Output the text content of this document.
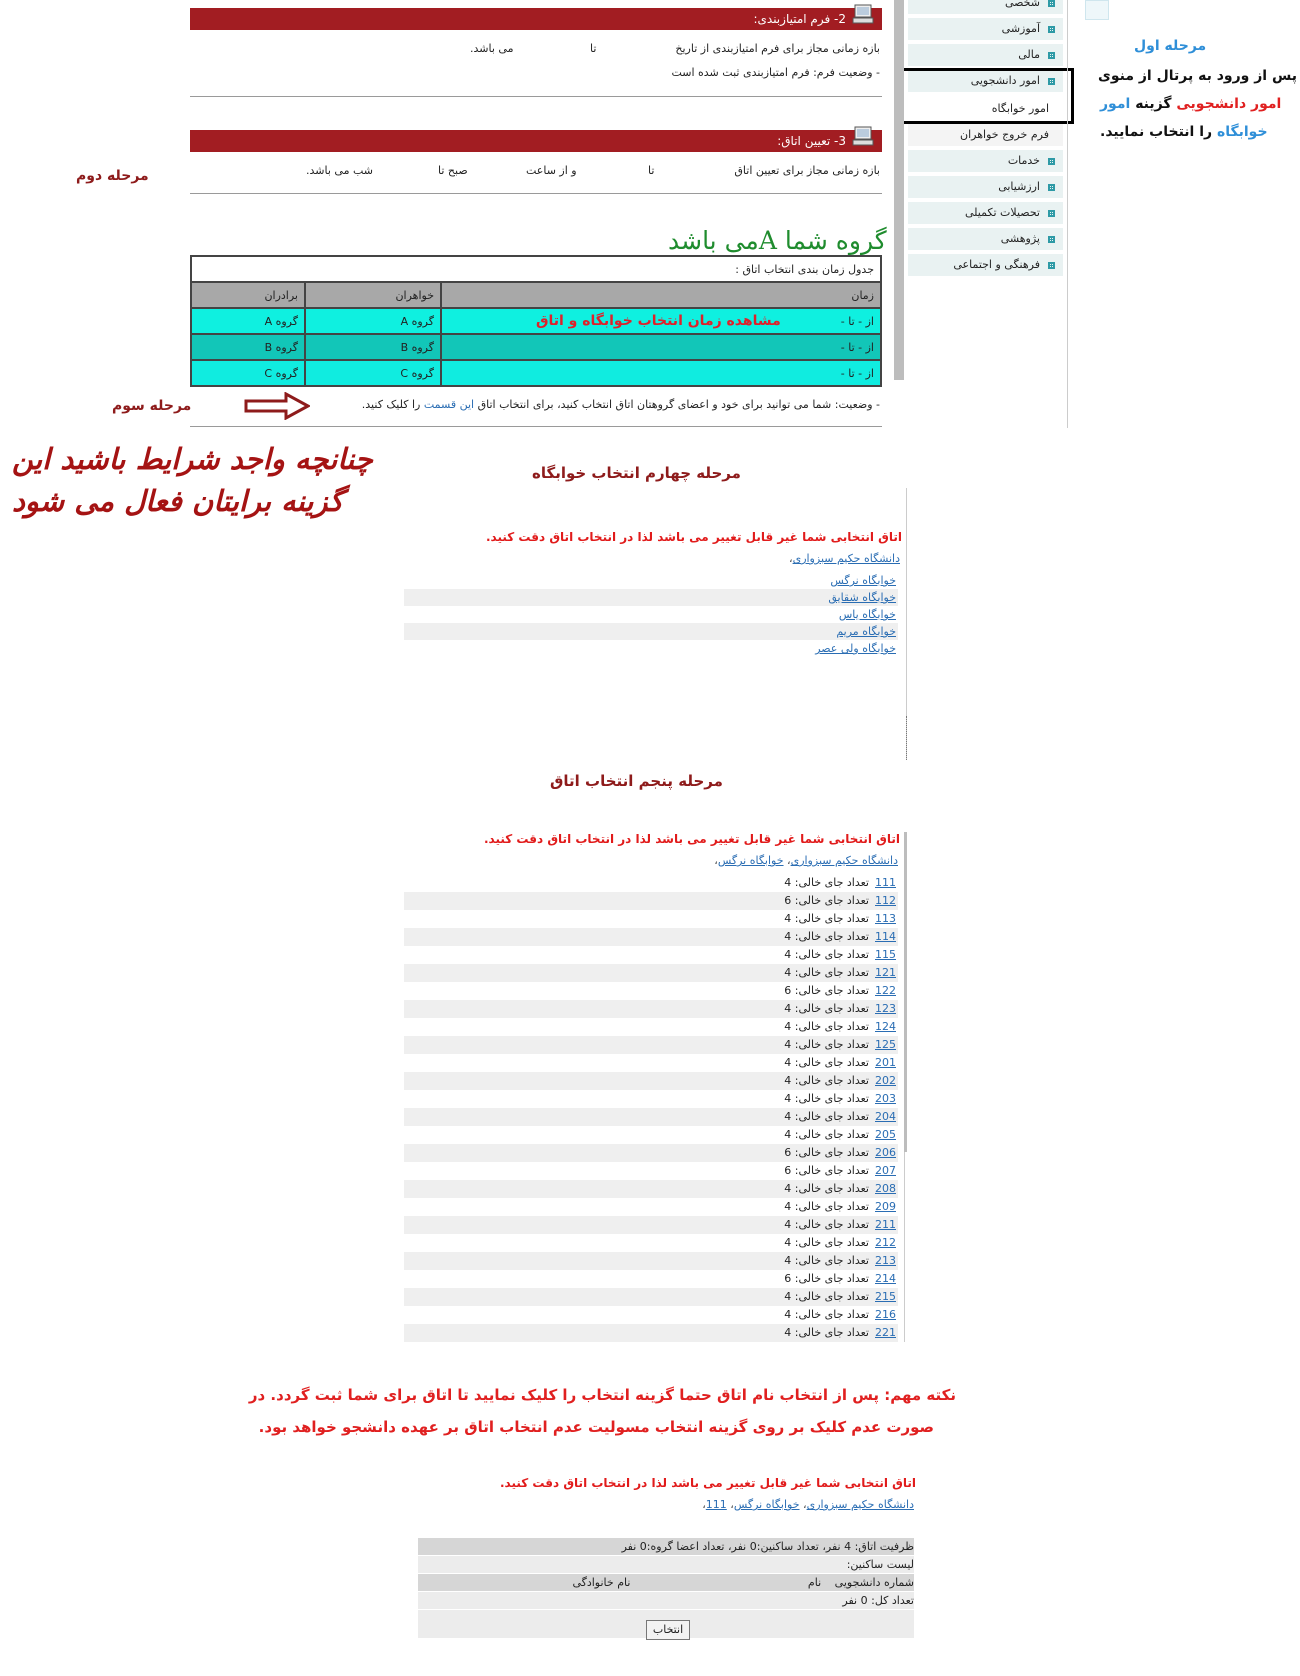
شخصی
آموزشی
مالی
امور دانشجویی
امور خوابگاه
فرم خروج خواهران
خدمات
ارزشیابی
تحصیلات تکمیلی
پژوهشی
فرهنگی و اجتماعی
مرحله اول
پس از ورود به پرتال از منوی
امور دانشجویی گزینه امور
خوابگاه را انتخاب نمایید.
2- فرم امتیازبندی:
بازه زمانی مجاز برای فرم امتیازبندی از تاریخ
تا
می باشد.
- وضعیت فرم: فرم امتیازبندی ثبت شده است
3- تعیین اتاق:
بازه زمانی مجاز برای تعیین اتاق
تا
و از ساعت
صبح تا
شب می باشد.
مرحله دوم
گروه شما Aمی باشد
جدول زمان بندی انتخاب اتاق :		
زمان	خواهران	برادران
از - تا -مشاهده زمان انتخاب خوابگاه و اتاق	گروه A	گروه A
از - تا -	گروه B	گروه B
از - تا -	گروه C	گروه C
- وضعیت: شما می توانید برای خود و اعضای گروهتان اتاق انتخاب کنید، برای انتخاب اتاق این قسمت را کلیک کنید.
مرحله سوم
چنانچه واجد شرایط باشید این
گزینه برایتان فعال می شود
مرحله چهارم انتخاب خوابگاه
اتاق انتخابی شما غیر قابل تغییر می باشد لذا در انتخاب اتاق دقت کنید.
دانشگاه حکیم سبزواری،
خوابگاه نرگس
خوابگاه شقایق
خوابگاه یاس
خوابگاه مریم
خوابگاه ولی عصر
مرحله پنجم انتخاب اتاق
اتاق انتخابی شما غیر قابل تغییر می باشد لذا در انتخاب اتاق دقت کنید.
دانشگاه حکیم سبزواری، خوابگاه نرگس،
111تعداد جای خالی: 4
112تعداد جای خالی: 6
113تعداد جای خالی: 4
114تعداد جای خالی: 4
115تعداد جای خالی: 4
121تعداد جای خالی: 4
122تعداد جای خالی: 6
123تعداد جای خالی: 4
124تعداد جای خالی: 4
125تعداد جای خالی: 4
201تعداد جای خالی: 4
202تعداد جای خالی: 4
203تعداد جای خالی: 4
204تعداد جای خالی: 4
205تعداد جای خالی: 4
206تعداد جای خالی: 6
207تعداد جای خالی: 6
208تعداد جای خالی: 4
209تعداد جای خالی: 4
211تعداد جای خالی: 4
212تعداد جای خالی: 4
213تعداد جای خالی: 4
214تعداد جای خالی: 6
215تعداد جای خالی: 4
216تعداد جای خالی: 4
221تعداد جای خالی: 4
نکته مهم: پس از انتخاب نام اتاق حتما گزینه انتخاب را کلیک نمایید تا اتاق برای شما ثبت گردد. در
صورت عدم کلیک بر روی گزینه انتخاب مسولیت عدم انتخاب اتاق بر عهده دانشجو خواهد بود.
اتاق انتخابی شما غیر قابل تغییر می باشد لذا در انتخاب اتاق دقت کنید.
دانشگاه حکیم سبزواری، خوابگاه نرگس، 111،
ظرفیت اتاق: 4 نفر، تعداد ساکنین:0 نفر، تعداد اعضا گروه:0 نفر
لیست ساکنین:
شماره دانشجویی نام نام خانوادگی
تعداد کل: 0 نفر
انتخاب
